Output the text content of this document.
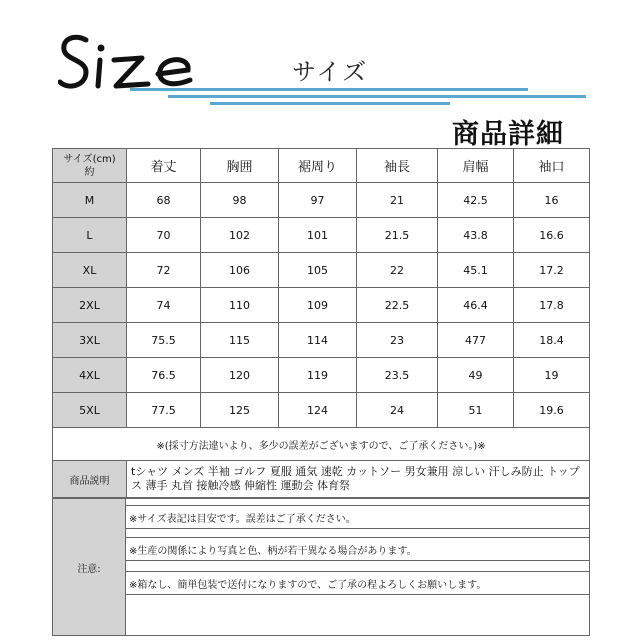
サイズ
商品詳細
サイズ(cm)
約	着丈	胸囲	裾周り	袖長	肩幅	袖口
M	68	98	97	21	42.5	16
L	70	102	101	21.5	43.8	16.6
XL	72	106	105	22	45.1	17.2
2XL	74	110	109	22.5	46.4	17.8
3XL	75.5	115	114	23	477	18.4
4XL	76.5	120	119	23.5	49	19
5XL	77.5	125	124	24	51	19.6
※(採寸方法違いより、多少の誤差がございますので、ご了承ください。)※						
商品説明	tシャツ メンズ 半袖 ゴルフ 夏服 通気 速乾 カットソー 男女兼用 涼しい 汗しみ防止 トップス 薄手 丸首 接触冷感 伸縮性 運動会 体育祭					
注意:
※サイズ表記は目安です。誤差はご了承ください。
※生産の関係により写真と色、柄が若干異なる場合があります。
※箱なし、簡単包装で送付になりますので、ご了承の程よろしくお願いします。
